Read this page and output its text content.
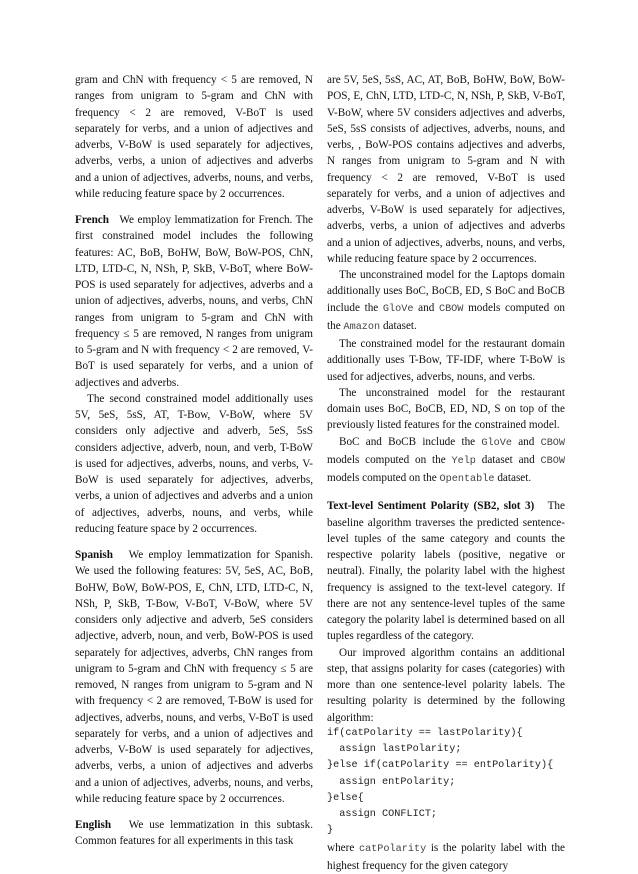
gram and ChN with frequency < 5 are removed, N ranges from unigram to 5-gram and ChN with frequency < 2 are removed, V-BoT is used separately for verbs, and a union of adjectives and adverbs, V-BoW is used separately for adjectives, adverbs, verbs, a union of adjectives and adverbs and a union of adjectives, adverbs, nouns, and verbs, while reducing feature space by 2 occurrences.

French We employ lemmatization for French. The first constrained model includes the following features: AC, BoB, BoHW, BoW, BoW-POS, ChN, LTD, LTD-C, N, NSh, P, SkB, V-BoT, where BoW-POS is used separately for adjectives, adverbs and a union of adjectives, adverbs, nouns, and verbs, ChN ranges from unigram to 5-gram and ChN with frequency ≤ 5 are removed, N ranges from unigram to 5-gram and N with frequency < 2 are removed, V-BoT is used separately for verbs, and a union of adjectives and adverbs.

The second constrained model additionally uses 5V, 5eS, 5sS, AT, T-Bow, V-BoW, where 5V considers only adjective and adverb, 5eS, 5sS considers adjective, adverb, noun, and verb, T-BoW is used for adjectives, adverbs, nouns, and verbs, V-BoW is used separately for adjectives, adverbs, verbs, a union of adjectives and adverbs and a union of adjectives, adverbs, nouns, and verbs, while reducing feature space by 2 occurrences.

Spanish We employ lemmatization for Spanish. We used the following features: 5V, 5eS, AC, BoB, BoHW, BoW, BoW-POS, E, ChN, LTD, LTD-C, N, NSh, P, SkB, T-Bow, V-BoT, V-BoW, where 5V considers only adjective and adverb, 5eS considers adjective, adverb, noun, and verb, BoW-POS is used separately for adjectives, adverbs, ChN ranges from unigram to 5-gram and ChN with frequency ≤ 5 are removed, N ranges from unigram to 5-gram and N with frequency < 2 are removed, T-BoW is used for adjectives, adverbs, nouns, and verbs, V-BoT is used separately for verbs, and a union of adjectives and adverbs, V-BoW is used separately for adjectives, adverbs, verbs, a union of adjectives and adverbs and a union of adjectives, adverbs, nouns, and verbs, while reducing feature space by 2 occurrences.

English We use lemmatization in this subtask. Common features for all experiments in this task

are 5V, 5eS, 5sS, AC, AT, BoB, BoHW, BoW, BoW-POS, E, ChN, LTD, LTD-C, N, NSh, P, SkB, V-BoT, V-BoW, where 5V considers adjectives and adverbs, 5eS, 5sS consists of adjectives, adverbs, nouns, and verbs, , BoW-POS contains adjectives and adverbs, N ranges from unigram to 5-gram and N with frequency < 2 are removed, V-BoT is used separately for verbs, and a union of adjectives and adverbs, V-BoW is used separately for adjectives, adverbs, verbs, a union of adjectives and adverbs and a union of adjectives, adverbs, nouns, and verbs, while reducing feature space by 2 occurrences.

The unconstrained model for the Laptops domain additionally uses BoC, BoCB, ED, S BoC and BoCB include the GloVe and CBOW models computed on the Amazon dataset.

The constrained model for the restaurant domain additionally uses T-Bow, TF-IDF, where T-BoW is used for adjectives, adverbs, nouns, and verbs.

The unconstrained model for the restaurant domain uses BoC, BoCB, ED, ND, S on top of the previously listed features for the constrained model.

BoC and BoCB include the GloVe and CBOW models computed on the Yelp dataset and CBOW models computed on the Opentable dataset.

Text-level Sentiment Polarity (SB2, slot 3) The baseline algorithm traverses the predicted sentence-level tuples of the same category and counts the respective polarity labels (positive, negative or neutral). Finally, the polarity label with the highest frequency is assigned to the text-level category. If there are not any sentence-level tuples of the same category the polarity label is determined based on all tuples regardless of the category.

Our improved algorithm contains an additional step, that assigns polarity for cases (categories) with more than one sentence-level polarity labels. The resulting polarity is determined by the following algorithm:

if(catPolarity == lastPolarity){
assign lastPolarity;
}else if(catPolarity == entPolarity){
assign entPolarity;
}else{
assign CONFLICT;
}

where catPolarity is the polarity label with the highest frequency for the given category
